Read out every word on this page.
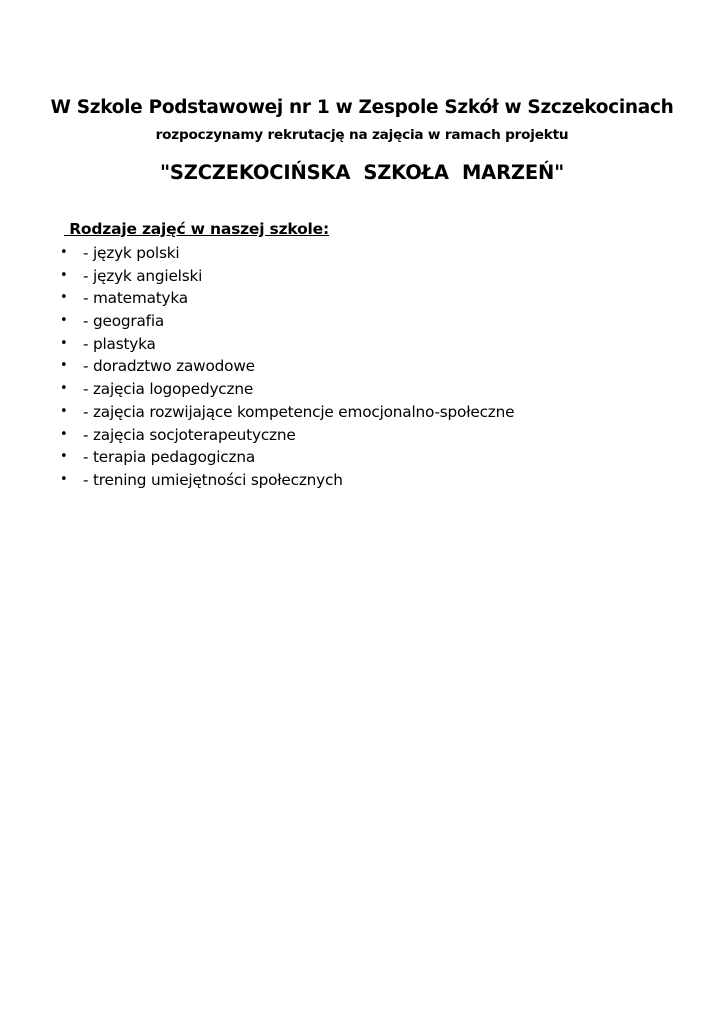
W Szkole Podstawowej nr 1 w Zespole Szkół w Szczekocinach
rozpoczynamy rekrutację na zajęcia w ramach projektu
"SZCZEKOCIŃSKA  SZKOŁA  MARZEŃ"
Rodzaje zajęć w naszej szkole:
• - język polski
• - język angielski
• - matematyka
• - geografia
• - plastyka
• - doradztwo zawodowe
• - zajęcia logopedyczne
• - zajęcia rozwijające kompetencje emocjonalno-społeczne
• - zajęcia socjoterapeutyczne
• - terapia pedagogiczna
• - trening umiejętności społecznych
